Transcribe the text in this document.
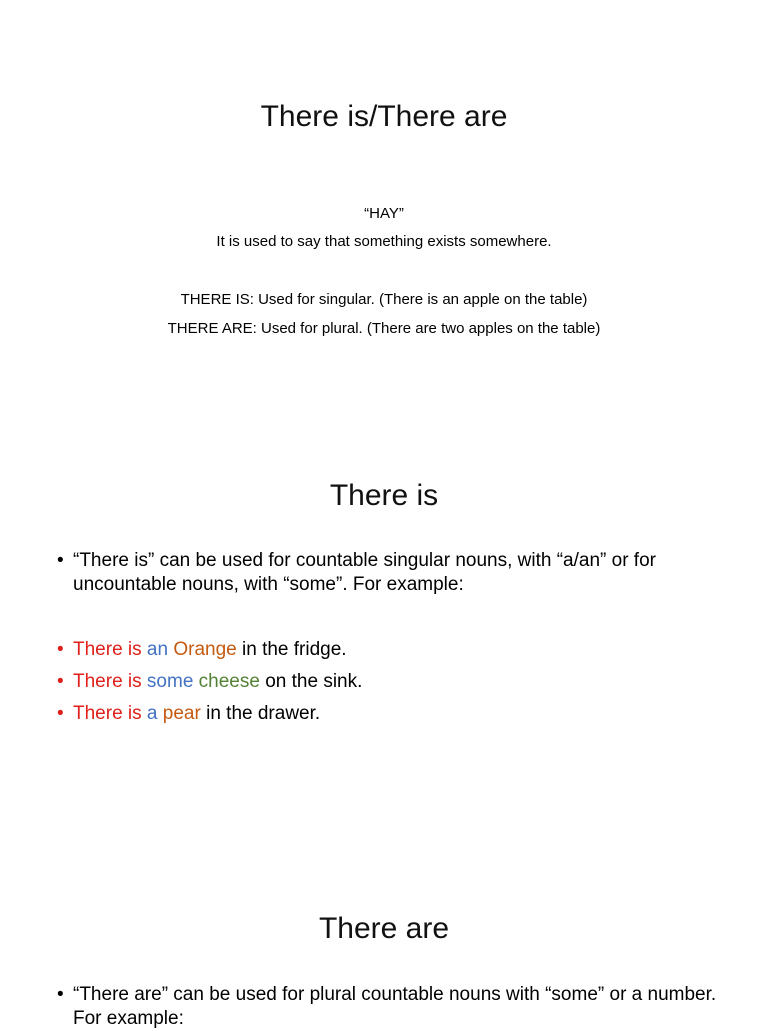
There is/There are

“HAY”

It is used to say that something exists somewhere.

THERE IS: Used for singular. (There is an apple on the table)

THERE ARE: Used for plural. (There are two apples on the table)

There is
• “There is” can be used for countable singular nouns, with “a/an” or for uncountable nouns, with “some”. For example:
• There is an Orange in the fridge.
• There is some cheese on the sink.
• There is a pear in the drawer.
There are
• “There are” can be used for plural countable nouns with “some” or a number. For example:
